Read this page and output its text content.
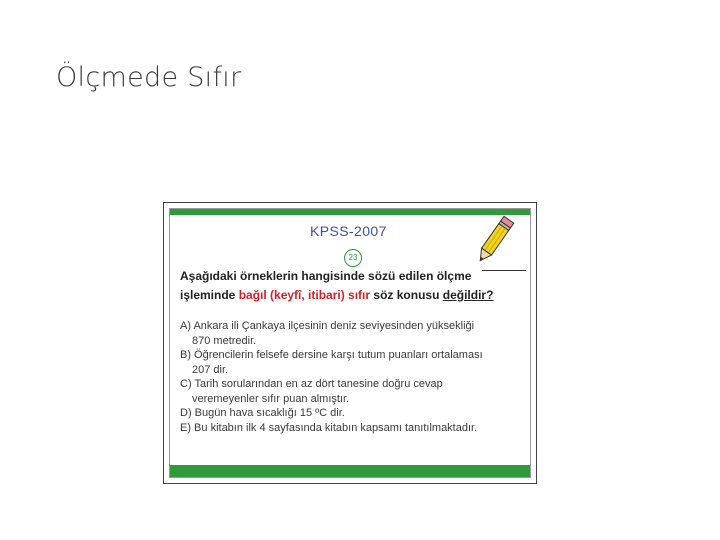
Ölçmede Sıfır
KPSS-2007
23
Aşağıdaki örneklerin hangisinde sözü edilen ölçme
işleminde bağıl (keyfî, itibari) sıfır söz konusu değildir?
A) Ankara ili Çankaya ilçesinin deniz seviyesinden yüksekliği
870 metredir.
B) Öğrencilerin felsefe dersine karşı tutum puanları ortalaması
207 dir.
C) Tarih sorularından en az dört tanesine doğru cevap
veremeyenler sıfır puan almıştır.
D) Bugün hava sıcaklığı 15 ºC dir.
E) Bu kitabın ilk 4 sayfasında kitabın kapsamı tanıtılmaktadır.
